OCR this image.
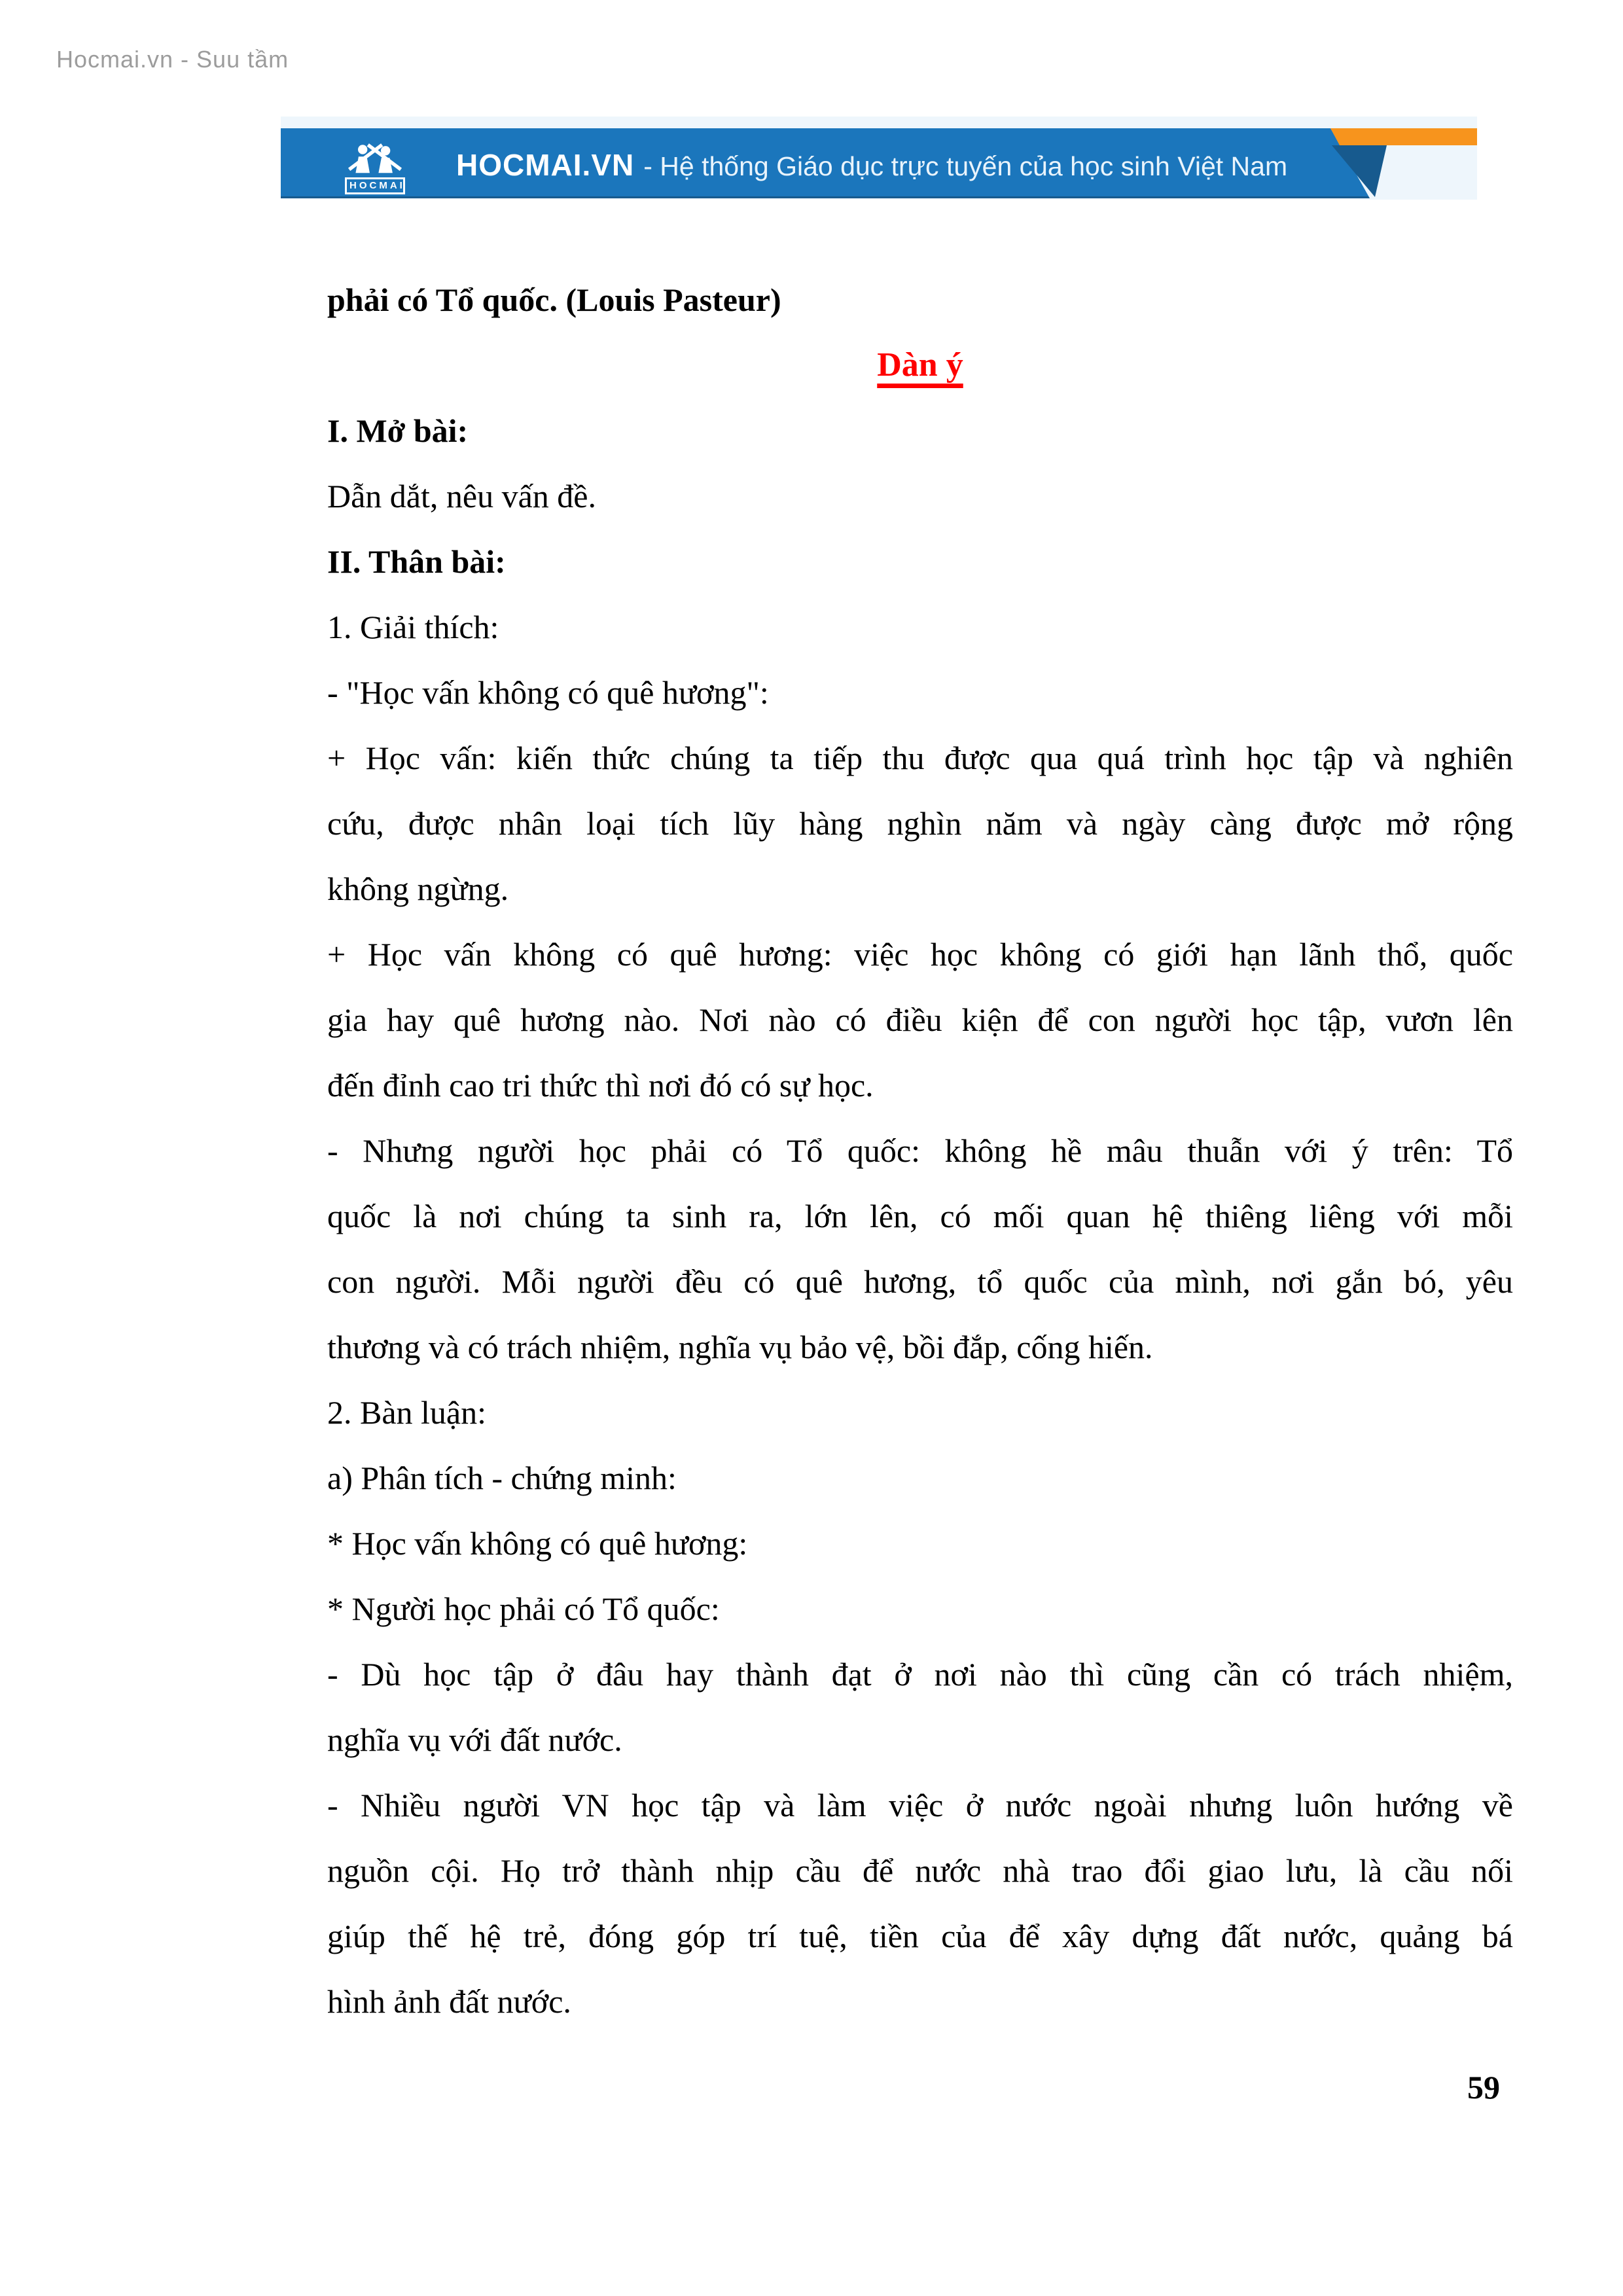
Hocmai.vn - Suu tầm
HOCMAI
HOCMAI.VN - Hệ thống Giáo dục trực tuyến của học sinh Việt Nam
phải có Tổ quốc. (Louis Pasteur)
Dàn ý
I. Mở bài:
Dẫn dắt, nêu vấn đề.
II. Thân bài:
1. Giải thích:
- "Học vấn không có quê hương":
+ Học vấn: kiến thức chúng ta tiếp thu được qua quá trình học tập và nghiên
cứu, được nhân loại tích lũy hàng nghìn năm và ngày càng được mở rộng
không ngừng.
+ Học vấn không có quê hương: việc học không có giới hạn lãnh thổ, quốc
gia hay quê hương nào. Nơi nào có điều kiện để con người học tập, vươn lên
đến đỉnh cao tri thức thì nơi đó có sự học.
- Nhưng người học phải có Tổ quốc: không hề mâu thuẫn với ý trên: Tổ
quốc là nơi chúng ta sinh ra, lớn lên, có mối quan hệ thiêng liêng với mỗi
con người. Mỗi người đều có quê hương, tổ quốc của mình, nơi gắn bó, yêu
thương và có trách nhiệm, nghĩa vụ bảo vệ, bồi đắp, cống hiến.
2. Bàn luận:
a) Phân tích - chứng minh:
* Học vấn không có quê hương:
* Người học phải có Tổ quốc:
- Dù học tập ở đâu hay thành đạt ở nơi nào thì cũng cần có trách nhiệm,
nghĩa vụ với đất nước.
- Nhiều người VN học tập và làm việc ở nước ngoài nhưng luôn hướng về
nguồn cội. Họ trở thành nhịp cầu để nước nhà trao đổi giao lưu, là cầu nối
giúp thế hệ trẻ, đóng góp trí tuệ, tiền của để xây dựng đất nước, quảng bá
hình ảnh đất nước.
59
